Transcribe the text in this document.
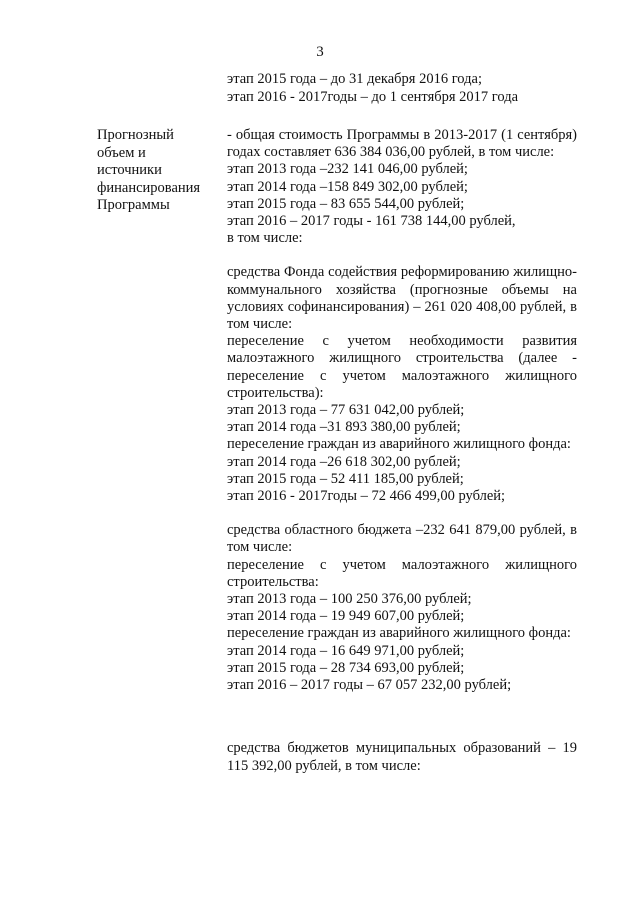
3
этап 2015 года – до 31 декабря 2016 года;
этап 2016 - 2017годы – до 1 сентября 2017 года
Прогнозный
объем и
источники
финансирования
Программы

- общая стоимость Программы в 2013-2017 (1 сентября) годах составляет 636 384 036,00 рублей, в том числе:

этап 2013 года –232 141 046,00 рублей;
этап 2014 года –158 849 302,00 рублей;
этап 2015 года – 83 655 544,00 рублей;
этап 2016 – 2017 годы - 161 738 144,00 рублей,
в том числе:

средства Фонда содействия реформированию жилищно-коммунального хозяйства (прогнозные объемы на условиях софинансирования) – 261 020 408,00 рублей, в том числе:

переселение с учетом необходимости развития малоэтажного жилищного строительства (далее - переселение с учетом малоэтажного жилищного строительства):

этап 2013 года – 77 631 042,00 рублей;
этап 2014 года –31 893 380,00 рублей;

переселение граждан из аварийного жилищного фонда:

этап 2014 года –26 618 302,00 рублей;
этап 2015 года – 52 411 185,00 рублей;
этап 2016 - 2017годы – 72 466 499,00 рублей;

средства областного бюджета –232 641 879,00 рублей, в том числе:

переселение с учетом малоэтажного жилищного строительства:

этап 2013 года – 100 250 376,00 рублей;
этап 2014 года – 19 949 607,00 рублей;

переселение граждан из аварийного жилищного фонда:

этап 2014 года – 16 649 971,00 рублей;
этап 2015 года – 28 734 693,00 рублей;
этап 2016 – 2017 годы – 67 057 232,00 рублей;

средства бюджетов муниципальных образований – 19 115 392,00 рублей, в том числе:
